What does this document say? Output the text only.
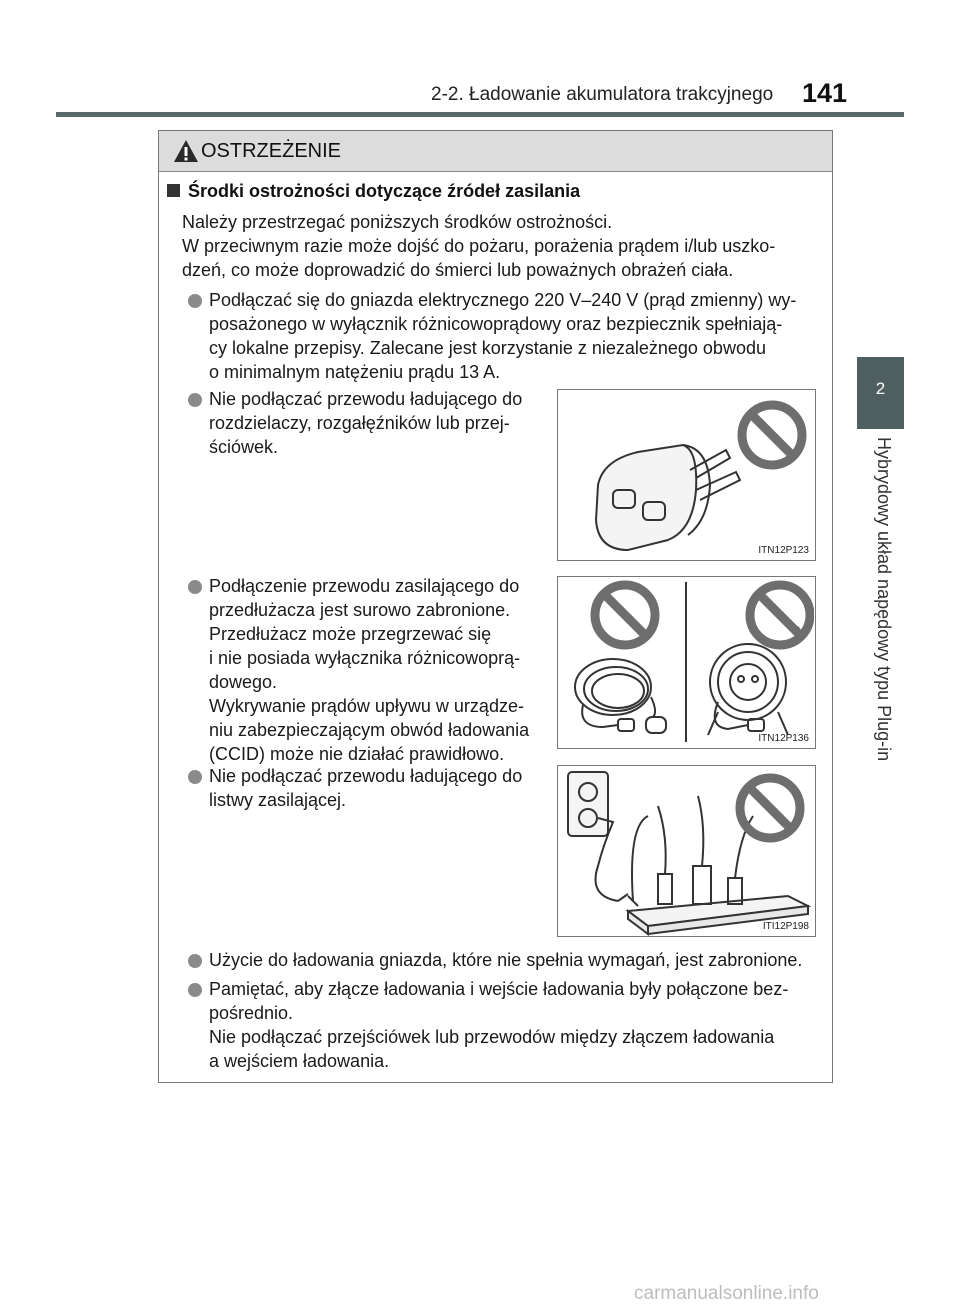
2-2. Ładowanie akumulatora trakcyjnego 141
2
Hybrydowy układ napędowy typu Plug-in
OSTRZEŻENIE
Środki ostrożności dotyczące źródeł zasilania
Należy przestrzegać poniższych środków ostrożności.
W przeciwnym razie może dojść do pożaru, porażenia prądem i/lub uszko-
dzeń, co może doprowadzić do śmierci lub poważnych obrażeń ciała.
Podłączać się do gniazda elektrycznego 220 V–240 V (prąd zmienny) wy-
posażonego w wyłącznik różnicowoprądowy oraz bezpiecznik spełniają-
cy lokalne przepisy. Zalecane jest korzystanie z niezależnego obwodu
o minimalnym natężeniu prądu 13 A.
Nie podłączać przewodu ładującego do
rozdzielaczy, rozgałęźników lub przej-
ściówek.
ITN12P123
Podłączenie przewodu zasilającego do
przedłużacza jest surowo zabronione.
Przedłużacz może przegrzewać się
i nie posiada wyłącznika różnicowoprą-
dowego.
Wykrywanie prądów upływu w urządze-
niu zabezpieczającym obwód ładowania
(CCID) może nie działać prawidłowo.
ITN12P136
Nie podłączać przewodu ładującego do
listwy zasilającej.
ITI12P198
Użycie do ładowania gniazda, które nie spełnia wymagań, jest zabronione.
Pamiętać, aby złącze ładowania i wejście ładowania były połączone bez-
pośrednio.
Nie podłączać przejściówek lub przewodów między złączem ładowania
a wejściem ładowania.
carmanualsonline.info
